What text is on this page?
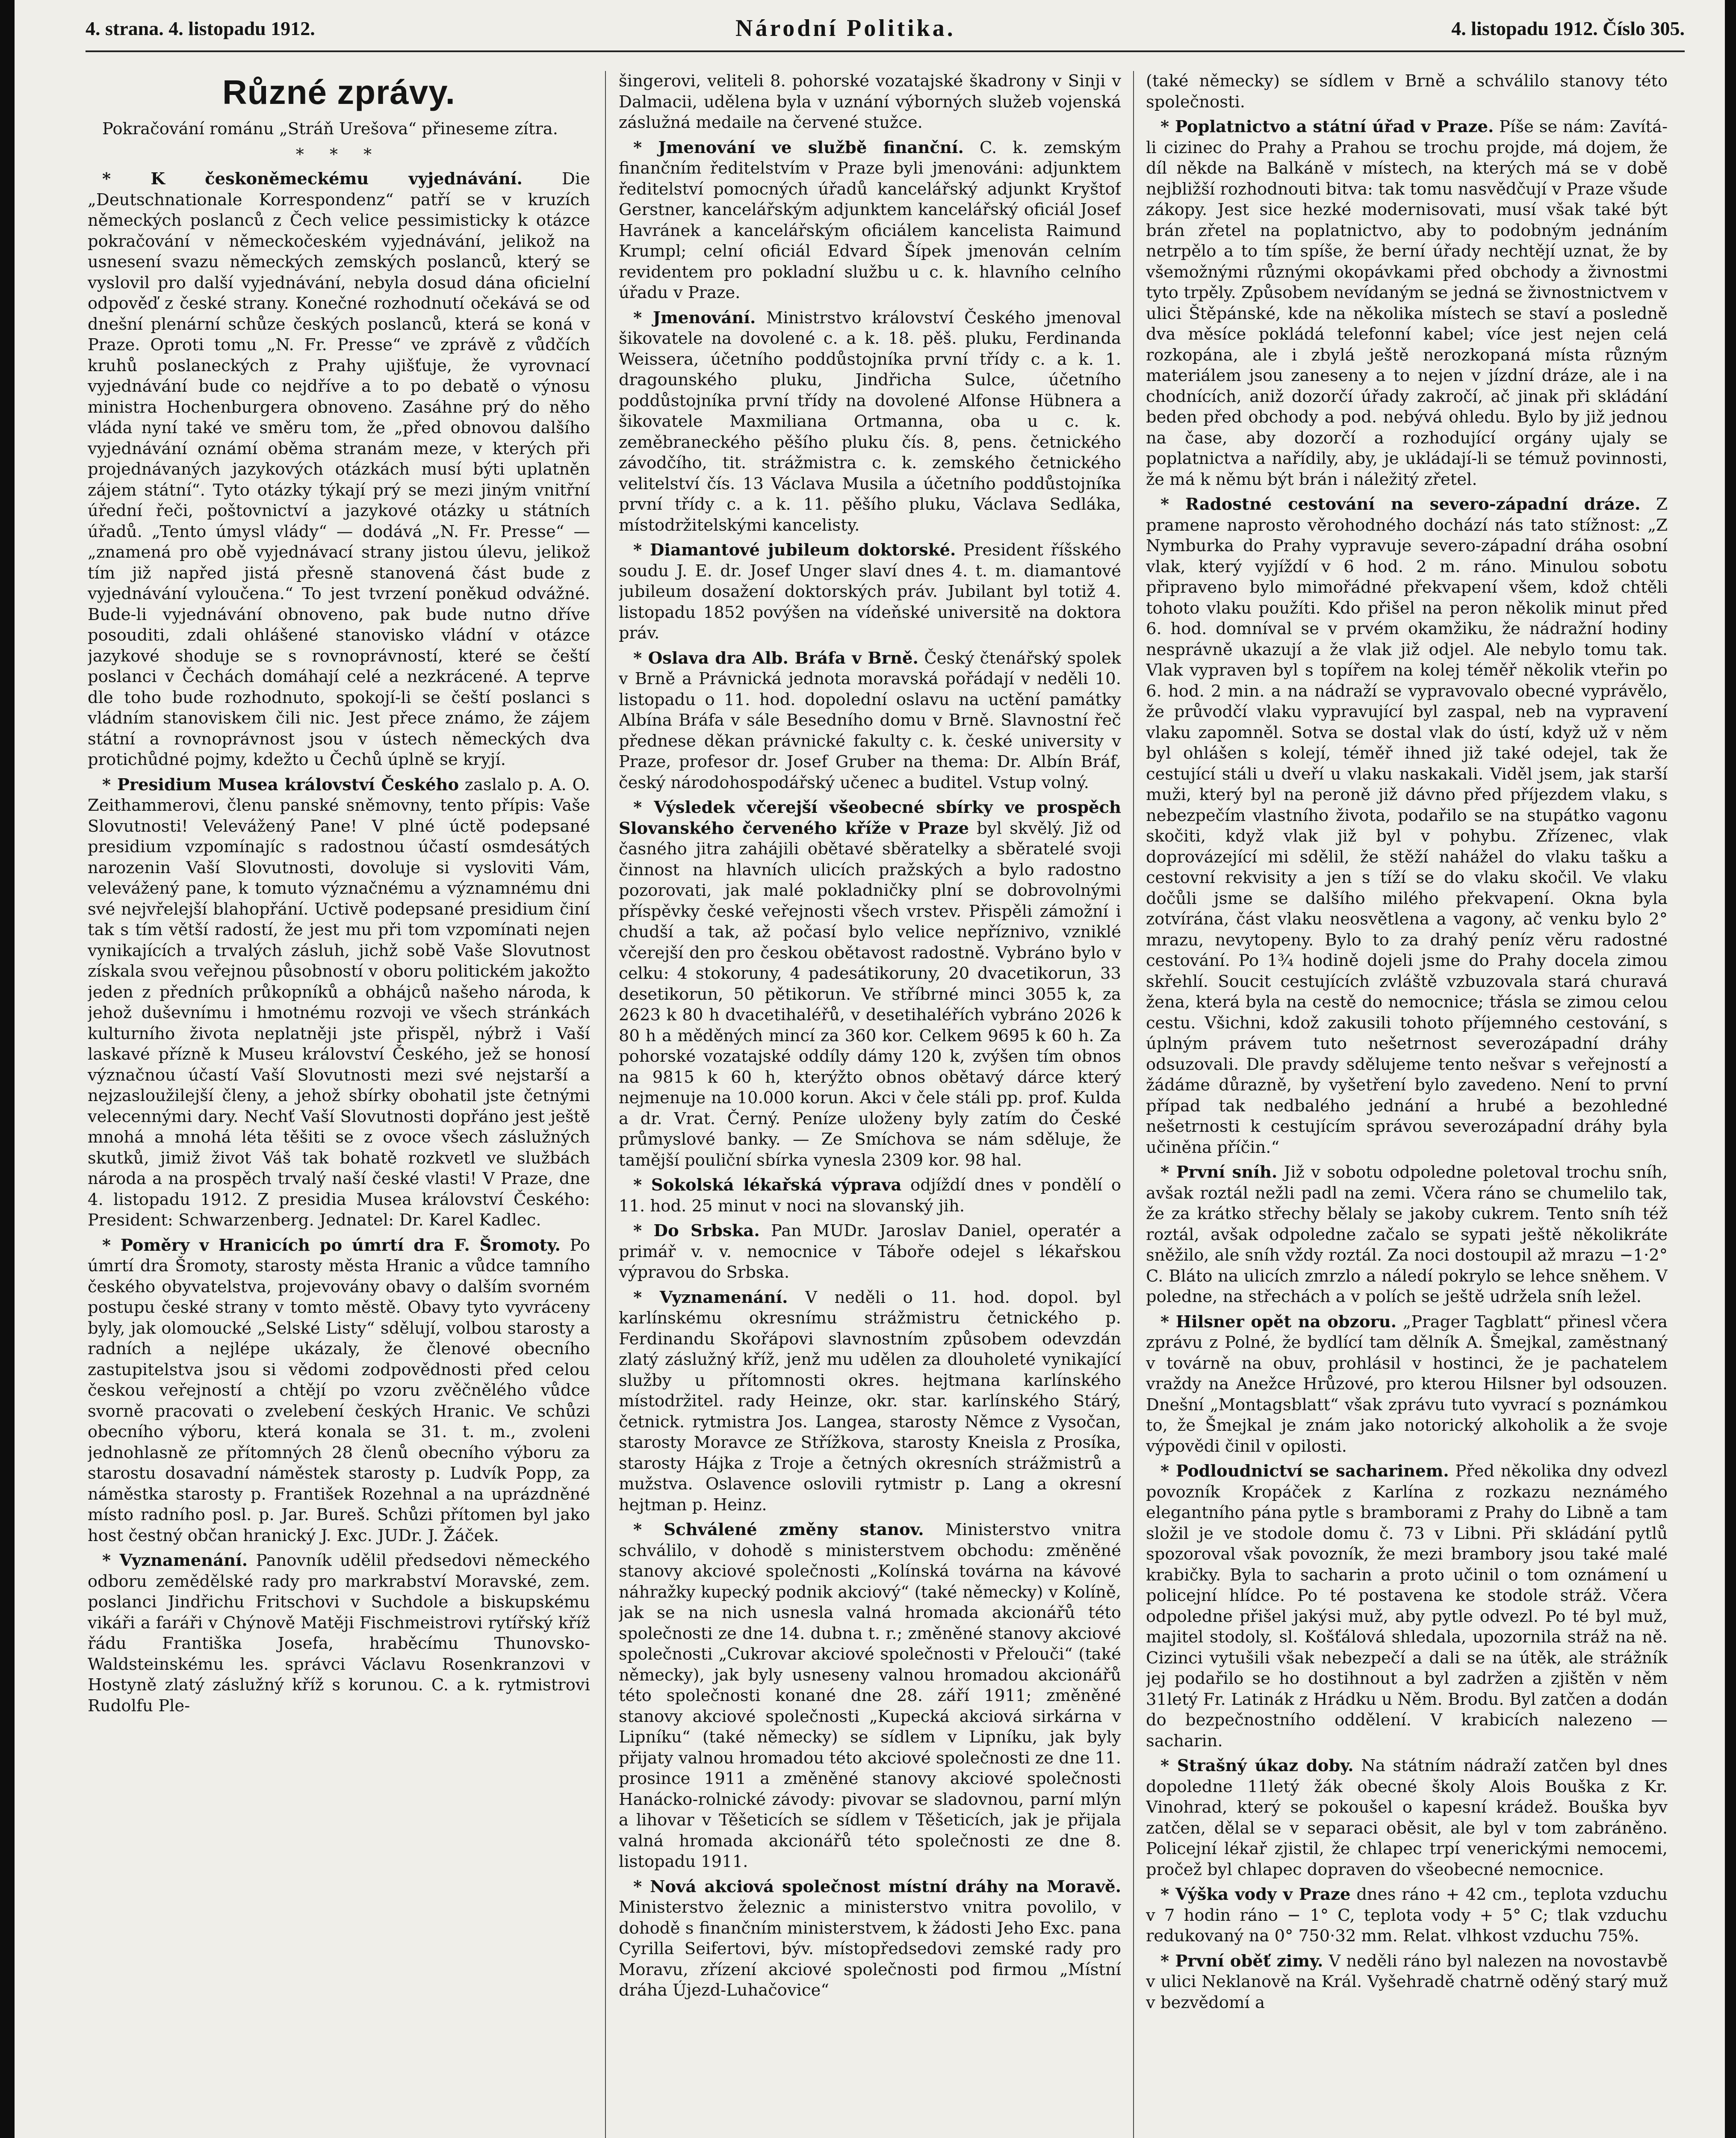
4. strana. 4. listopadu 1912.	Národní Politika.	4. listopadu 1912. Číslo 305.
Různé zprávy.

Pokračování románu „Stráň Urešova“ přineseme zítra.

* * *

* K českoněmeckému vyjednávání. Die „Deutschnationale Korrespondenz“ patří se v kruzích německých poslanců z Čech velice pessimisticky k otázce pokračování v německočeském vyjednávání, jelikož na usnesení svazu německých zemských poslanců, který se vyslovil pro další vyjednávání, nebyla dosud dána oficielní odpověď z české strany. Konečné rozhodnutí očekává se od dnešní plenární schůze českých poslanců, která se koná v Praze. Oproti tomu „N. Fr. Presse“ ve zprávě z vůdčích kruhů poslaneckých z Prahy ujišťuje, že vyrovnací vyjednávání bude co nejdříve a to po debatě o výnosu ministra Hochenburgera obnoveno. Zasáhne prý do něho vláda nyní také ve směru tom, že „před obnovou dalšího vyjednávání oznámí oběma stranám meze, v kterých při projednávaných jazykových otázkách musí býti uplatněn zájem státní“. Tyto otázky týkají prý se mezi jiným vnitřní úřední řeči, poštovnictví a jazykové otázky u státních úřadů. „Tento úmysl vlády“ — dodává „N. Fr. Presse“ — „znamená pro obě vyjednávací strany jistou úlevu, jelikož tím již napřed jistá přesně stanovená část bude z vyjednávání vyloučena.“ To jest tvrzení poněkud odvážné. Bude-li vyjednávání obnoveno, pak bude nutno dříve posouditi, zdali ohlášené stanovisko vládní v otázce jazykové shoduje se s rovnoprávností, které se čeští poslanci v Čechách domáhají celé a nezkrácené. A teprve dle toho bude rozhodnuto, spokojí-li se čeští poslanci s vládním stanoviskem čili nic. Jest přece známo, že zájem státní a rovnoprávnost jsou v ústech německých dva protichůdné pojmy, kdežto u Čechů úplně se kryjí.

* Presidium Musea království Českého zaslalo p. A. O. Zeithammerovi, členu panské sněmovny, tento přípis: Vaše Slovutnosti! Velevážený Pane! V plné úctě podepsané presidium vzpomínajíc s radostnou účastí osmdesátých narozenin Vaší Slovutnosti, dovoluje si vysloviti Vám, velevážený pane, k tomuto význačnému a významnému dni své nejvřelejší blahopřání. Uctivě podepsané presidium činí tak s tím větší radostí, že jest mu při tom vzpomínati nejen vynikajících a trvalých zásluh, jichž sobě Vaše Slovutnost získala svou veřejnou působností v oboru politickém jakožto jeden z předních průkopníků a obhájců našeho národa, k jehož duševnímu i hmotnému rozvoji ve všech stránkách kulturního života neplatněji jste přispěl, nýbrž i Vaší laskavé přízně k Museu království Českého, jež se honosí význačnou účastí Vaší Slovutnosti mezi své nejstarší a nejzasloužilejší členy, a jehož sbírky obohatil jste četnými velecennými dary. Nechť Vaší Slovutnosti dopřáno jest ještě mnohá a mnohá léta těšiti se z ovoce všech záslužných skutků, jimiž život Váš tak bohatě rozkvetl ve službách národa a na prospěch trvalý naší české vlasti! V Praze, dne 4. listopadu 1912. Z presidia Musea království Českého: President: Schwarzenberg. Jednatel: Dr. Karel Kadlec.

* Poměry v Hranicích po úmrtí dra F. Šromoty. Po úmrtí dra Šromoty, starosty města Hranic a vůdce tamního českého obyvatelstva, projevovány obavy o dalším svorném postupu české strany v tomto městě. Obavy tyto vyvráceny byly, jak olomoucké „Selské Listy“ sdělují, volbou starosty a radních a nejlépe ukázaly, že členové obecního zastupitelstva jsou si vědomi zodpovědnosti před celou českou veřejností a chtějí po vzoru zvěčnělého vůdce svorně pracovati o zvelebení českých Hranic. Ve schůzi obecního výboru, která konala se 31. t. m., zvoleni jednohlasně ze přítomných 28 členů obecního výboru za starostu dosavadní náměstek starosty p. Ludvík Popp, za náměstka starosty p. František Rozehnal a na uprázdněné místo radního posl. p. Jar. Bureš. Schůzi přítomen byl jako host čestný občan hranický J. Exc. JUDr. J. Žáček.

* Vyznamenání. Panovník udělil předsedovi německého odboru zemědělské rady pro markrabství Moravské, zem. poslanci Jindřichu Fritschovi v Suchdole a biskupskému vikáři a faráři v Chýnově Matěji Fischmeistrovi rytířský kříž řádu Františka Josefa, hraběcímu Thunovsko-Waldsteinskému les. správci Václavu Rosenkranzovi v Hostyně zlatý záslužný kříž s korunou. C. a k. rytmistrovi Rudolfu Ple-

šingerovi, veliteli 8. pohorské vozatajské škadrony v Sinji v Dalmacii, udělena byla v uznání výborných služeb vojenská záslužná medaile na červené stužce.

* Jmenování ve službě finanční. C. k. zemským finančním ředitelstvím v Praze byli jmenováni: adjunktem ředitelství pomocných úřadů kancelářský adjunkt Kryštof Gerstner, kancelářským adjunktem kancelářský oficiál Josef Havránek a kancelářským oficiálem kancelista Raimund Krumpl; celní oficiál Edvard Šípek jmenován celním revidentem pro pokladní službu u c. k. hlavního celního úřadu v Praze.

* Jmenování. Ministrstvo království Českého jmenoval šikovatele na dovolené c. a k. 18. pěš. pluku, Ferdinanda Weissera, účetního poddůstojníka první třídy c. a k. 1. dragounského pluku, Jindřicha Sulce, účetního poddůstojníka první třídy na dovolené Alfonse Hübnera a šikovatele Maxmiliana Ortmanna, oba u c. k. zeměbraneckého pěšího pluku čís. 8, pens. četnického závodčího, tit. strážmistra c. k. zemského četnického velitelství čís. 13 Václava Musila a účetního poddůstojníka první třídy c. a k. 11. pěšího pluku, Václava Sedláka, místodržitelskými kancelisty.

* Diamantové jubileum doktorské. President říšského soudu J. E. dr. Josef Unger slaví dnes 4. t. m. diamantové jubileum dosažení doktorských práv. Jubilant byl totiž 4. listopadu 1852 povýšen na vídeňské universitě na doktora práv.

* Oslava dra Alb. Bráfa v Brně. Český čtenářský spolek v Brně a Právnická jednota moravská pořádají v neděli 10. listopadu o 11. hod. dopolední oslavu na uctění památky Albína Bráfa v sále Besedního domu v Brně. Slavnostní řeč přednese děkan právnické fakulty c. k. české university v Praze, profesor dr. Josef Gruber na thema: Dr. Albín Bráf, český národohospodářský učenec a buditel. Vstup volný.

* Výsledek včerejší všeobecné sbírky ve prospěch Slovanského červeného kříže v Praze byl skvělý. Již od časného jitra zahájili obětavé sběratelky a sběratelé svoji činnost na hlavních ulicích pražských a bylo radostno pozorovati, jak malé pokladničky plní se dobrovolnými příspěvky české veřejnosti všech vrstev. Přispěli zámožní i chudší a tak, až počasí bylo velice nepříznivo, vzniklé včerejší den pro českou obětavost radostně. Vybráno bylo v celku: 4 stokoruny, 4 padesátikoruny, 20 dvacetikorun, 33 desetikorun, 50 pětikorun. Ve stříbrné minci 3055 k, za 2623 k 80 h dvacetihaléřů, v desetihaléřích vybráno 2026 k 80 h a měděných mincí za 360 kor. Celkem 9695 k 60 h. Za pohorské vozatajské oddíly dámy 120 k, zvýšen tím obnos na 9815 k 60 h, kterýžto obnos obětavý dárce který nejmenuje na 10.000 korun. Akci v čele stáli pp. prof. Kulda a dr. Vrat. Černý. Peníze uloženy byly zatím do České průmyslové banky. — Ze Smíchova se nám sděluje, že tamější pouliční sbírka vynesla 2309 kor. 98 hal.

* Sokolská lékařská výprava odjíždí dnes v pondělí o 11. hod. 25 minut v noci na slovanský jih.

* Do Srbska. Pan MUDr. Jaroslav Daniel, operatér a primář v. v. nemocnice v Táboře odejel s lékařskou výpravou do Srbska.

* Vyznamenání. V neděli o 11. hod. dopol. byl karlínskému okresnímu strážmistru četnického p. Ferdinandu Skořápovi slavnostním způsobem odevzdán zlatý záslužný kříž, jenž mu udělen za dlouholeté vynikající služby u přítomnosti okres. hejtmana karlínského místodržitel. rady Heinze, okr. star. karlínského Stárý, četnick. rytmistra Jos. Langea, starosty Němce z Vysočan, starosty Moravce ze Střížkova, starosty Kneisla z Prosíka, starosty Hájka z Troje a četných okresních strážmistrů a mužstva. Oslavence oslovili rytmistr p. Lang a okresní hejtman p. Heinz.

* Schválené změny stanov. Ministerstvo vnitra schválilo, v dohodě s ministerstvem obchodu: změněné stanovy akciové společnosti „Kolínská továrna na kávové náhražky kupecký podnik akciový“ (také německy) v Kolíně, jak se na nich usnesla valná hromada akcionářů této společnosti ze dne 14. dubna t. r.; změněné stanovy akciové společnosti „Cukrovar akciové společnosti v Přelouči“ (také německy), jak byly usneseny valnou hromadou akcionářů této společnosti konané dne 28. září 1911; změněné stanovy akciové společnosti „Kupecká akciová sirkárna v Lipníku“ (také německy) se sídlem v Lipníku, jak byly přijaty valnou hromadou této akciové společnosti ze dne 11. prosince 1911 a změněné stanovy akciové společnosti Hanácko-rolnické závody: pivovar se sladovnou, parní mlýn a lihovar v Těšeticích se sídlem v Těšeticích, jak je přijala valná hromada akcionářů této společnosti ze dne 8. listopadu 1911.

* Nová akciová společnost místní dráhy na Moravě. Ministerstvo železnic a ministerstvo vnitra povolilo, v dohodě s finančním ministerstvem, k žádosti Jeho Exc. pana Cyrilla Seifertovi, býv. místopředsedovi zemské rady pro Moravu, zřízení akciové společnosti pod firmou „Místní dráha Újezd-Luhačovice“

(také německy) se sídlem v Brně a schválilo stanovy této společnosti.

* Poplatnictvo a státní úřad v Praze. Píše se nám: Zavítá-li cizinec do Prahy a Prahou se trochu projde, má dojem, že díl někde na Balkáně v místech, na kterých má se v době nejbližší rozhodnouti bitva: tak tomu nasvědčují v Praze všude zákopy. Jest sice hezké modernisovati, musí však také být brán zřetel na poplatnictvo, aby to podobným jednáním netrpělo a to tím spíše, že berní úřady nechtějí uznat, že by všemožnými různými okopávkami před obchody a živnostmi tyto trpěly. Způsobem nevídaným se jedná se živnostnictvem v ulici Štěpánské, kde na několika místech se staví a posledně dva měsíce pokládá telefonní kabel; více jest nejen celá rozkopána, ale i zbylá ještě nerozkopaná místa různým materiálem jsou zaneseny a to nejen v jízdní dráze, ale i na chodnících, aniž dozorčí úřady zakročí, ač jinak při skládání beden před obchody a pod. nebývá ohledu. Bylo by již jednou na čase, aby dozorčí a rozhodující orgány ujaly se poplatnictva a nařídily, aby, je ukládají-li se témuž povinnosti, že má k němu být brán i náležitý zřetel.

* Radostné cestování na severo-západní dráze. Z pramene naprosto věrohodného dochází nás tato stížnost: „Z Nymburka do Prahy vypravuje severo-západní dráha osobní vlak, který vyjíždí v 6 hod. 2 m. ráno. Minulou sobotu připraveno bylo mimořádné překvapení všem, kdož chtěli tohoto vlaku použíti. Kdo přišel na peron několik minut před 6. hod. domníval se v prvém okamžiku, že nádražní hodiny nesprávně ukazují a že vlak již odjel. Ale nebylo tomu tak. Vlak vypraven byl s topířem na kolej téměř několik vteřin po 6. hod. 2 min. a na nádraží se vypravovalo obecné vyprávělo, že průvodčí vlaku vypravující byl zaspal, neb na vypravení vlaku zapomněl. Sotva se dostal vlak do ústí, když už v něm byl ohlášen s kolejí, téměř ihned již také odejel, tak že cestující stáli u dveří u vlaku naskakali. Viděl jsem, jak starší muži, který byl na peroně již dávno před příjezdem vlaku, s nebezpečím vlastního života, podařilo se na stupátko vagonu skočiti, když vlak již byl v pohybu. Zřízenec, vlak doprovázející mi sdělil, že stěží nahážel do vlaku tašku a cestovní rekvisity a jen s tíží se do vlaku skočil. Ve vlaku dočůli jsme se dalšího milého překvapení. Okna byla zotvírána, část vlaku neosvětlena a vagony, ač venku bylo 2° mrazu, nevytopeny. Bylo to za drahý peníz věru radostné cestování. Po 1¾ hodině dojeli jsme do Prahy docela zimou skřehlí. Soucit cestujících zvláště vzbuzovala stará churavá žena, která byla na cestě do nemocnice; třásla se zimou celou cestu. Všichni, kdož zakusili tohoto příjemného cestování, s úplným právem tuto nešetrnost severozápadní dráhy odsuzovali. Dle pravdy sdělujeme tento nešvar s veřejností a žádáme důrazně, by vyšetření bylo zavedeno. Není to první případ tak nedbalého jednání a hrubé a bezohledné nešetrnosti k cestujícím správou severozápadní dráhy byla učiněna příčin.“

* První sníh. Již v sobotu odpoledne poletoval trochu sníh, avšak roztál nežli padl na zemi. Včera ráno se chumelilo tak, že za krátko střechy bělaly se jakoby cukrem. Tento sníh též roztál, avšak odpoledne začalo se sypati ještě několikráte sněžilo, ale sníh vždy roztál. Za noci dostoupil až mrazu −1·2° C. Bláto na ulicích zmrzlo a náledí pokrylo se lehce sněhem. V poledne, na střechách a v polích se ještě udržela sníh ležel.

* Hilsner opět na obzoru. „Prager Tagblatt“ přinesl včera zprávu z Polné, že bydlící tam dělník A. Šmejkal, zaměstnaný v továrně na obuv, prohlásil v hostinci, že je pachatelem vraždy na Anežce Hrůzové, pro kterou Hilsner byl odsouzen. Dnešní „Montagsblatt“ však zprávu tuto vyvrací s poznámkou to, že Šmejkal je znám jako notorický alkoholik a že svoje výpovědi činil v opilosti.

* Podloudnictví se sacharinem. Před několika dny odvezl povozník Kropáček z Karlína z rozkazu neznámého elegantního pána pytle s bramborami z Prahy do Libně a tam složil je ve stodole domu č. 73 v Libni. Při skládání pytlů spozoroval však povozník, že mezi brambory jsou také malé krabičky. Byla to sacharin a proto učinil o tom oznámení u policejní hlídce. Po té postavena ke stodole stráž. Včera odpoledne přišel jakýsi muž, aby pytle odvezl. Po té byl muž, majitel stodoly, sl. Košťálová shledala, upozornila stráž na ně. Cizinci vytušili však nebezpečí a dali se na útěk, ale strážník jej podařilo se ho dostihnout a byl zadržen a zjištěn v něm 31letý Fr. Latinák z Hrádku u Něm. Brodu. Byl zatčen a dodán do bezpečnostního oddělení. V krabicích nalezeno — sacharin.

* Strašný úkaz doby. Na státním nádraží zatčen byl dnes dopoledne 11letý žák obecné školy Alois Bouška z Kr. Vinohrad, který se pokoušel o kapesní krádež. Bouška byv zatčen, dělal se v separaci oběsit, ale byl v tom zabráněno. Policejní lékař zjistil, že chlapec trpí venerickými nemocemi, pročež byl chlapec dopraven do všeobecné nemocnice.

* Výška vody v Praze dnes ráno + 42 cm., teplota vzduchu v 7 hodin ráno − 1° C, teplota vody + 5° C; tlak vzduchu redukovaný na 0° 750·32 mm. Relat. vlhkost vzduchu 75%.

* První oběť zimy. V neděli ráno byl nalezen na novostavbě v ulici Neklanově na Král. Vyšehradě chatrně oděný starý muž v bezvědomí a
